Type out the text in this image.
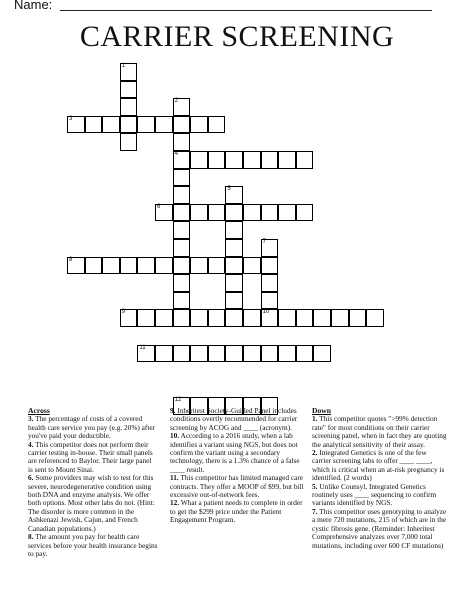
Name:
CARRIER SCREENING
1
2
4
3
5
6
7
10
8
9
11
12
Across

3. The percentage of costs of a covered health care service you pay (e.g. 20%) after you've paid your deductible.

4. This competitor does not perform their carrier testing in-house. Their small panels are referenced to Baylor. Their large panel is sent to Mount Sinai.

6. Some providers may wish to test for this severe, neurodegenerative condition using both DNA and enzyme analysis. We offer both options. Most other labs do not. (Hint: The disorder is more common in the Ashkenazi Jewish, Cajun, and French Canadian populations.)

8. The amount you pay for health care services before your health insurance begins to pay.

9. Inheritest Society-Guided Panel includes conditions overtly recommended for carrier screening by ACOG and ____ (acronym).

10. According to a 2016 study, when a lab identifies a variant using NGS, but does not confirm the variant using a secondary technology, there is a 1.3% chance of a false ____ result.

11. This competitor has limited managed care contracts. They offer a MOOP of $99, but bill excessive out-of-network fees.

12. What a patient needs to complete in order to get the $299 price under the Patient Engagement Program.

Down

1. This competitor quotes ">99% detection rate" for most conditions on their carrier screening panel, when in fact they are quoting the analytical sensitivity of their assay.

2. Integrated Genetics is one of the few carrier screening labs to offer ____ ____, which is critical when an at-risk pregnancy is identified. (2 words)

5. Unlike Counsyl, Integrated Genetics routinely uses ____ sequencing to confirm variants identified by NGS.

7. This competitor uses genotyping to analyze a mere 720 mutations, 215 of which are in the cystic fibrosis gene. (Reminder: Inheritest Comprehensive analyzes over 7,000 total mutations, including over 600 CF mutations)
